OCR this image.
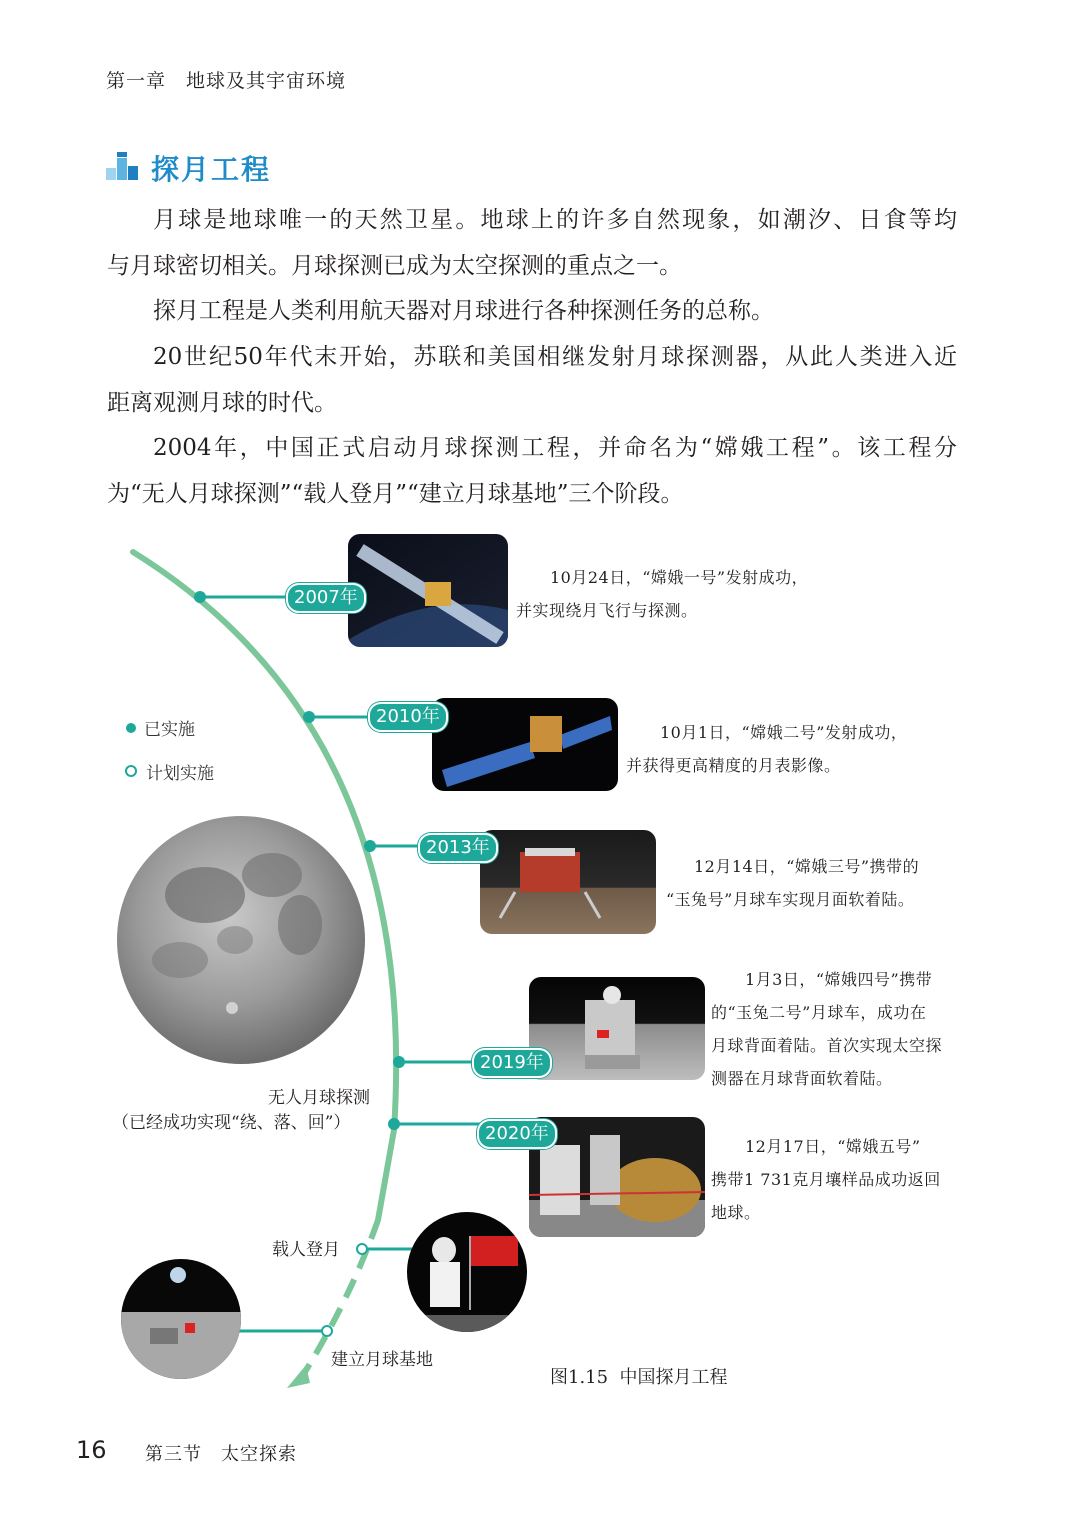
第一章　地球及其宇宙环境
探月工程

月球是地球唯一的天然卫星。地球上的许多自然现象，如潮汐、日食等均

与月球密切相关。月球探测已成为太空探测的重点之一。

探月工程是人类利用航天器对月球进行各种探测任务的总称。

20世纪50年代末开始，苏联和美国相继发射月球探测器，从此人类进入近

距离观测月球的时代。

2004年，中国正式启动月球探测工程，并命名为“嫦娥工程”。该工程分

为“无人月球探测”“载人登月”“建立月球基地”三个阶段。

2007年
2010年
2013年
2019年
2020年
10月24日，“嫦娥一号”发射成功，
并实现绕月飞行与探测。
10月1日，“嫦娥二号”发射成功，
并获得更高精度的月表影像。
12月14日，“嫦娥三号”携带的
“玉兔号”月球车实现月面软着陆。
1月3日，“嫦娥四号”携带
的“玉兔二号”月球车，成功在
月球背面着陆。首次实现太空探
测器在月球背面软着陆。
12月17日，“嫦娥五号”
携带1 731克月壤样品成功返回
地球。
已实施
计划实施
无人月球探测
（已经成功实现“绕、落、回”）
载人登月
建立月球基地
图1.15  中国探月工程
16 第三节　太空探索
